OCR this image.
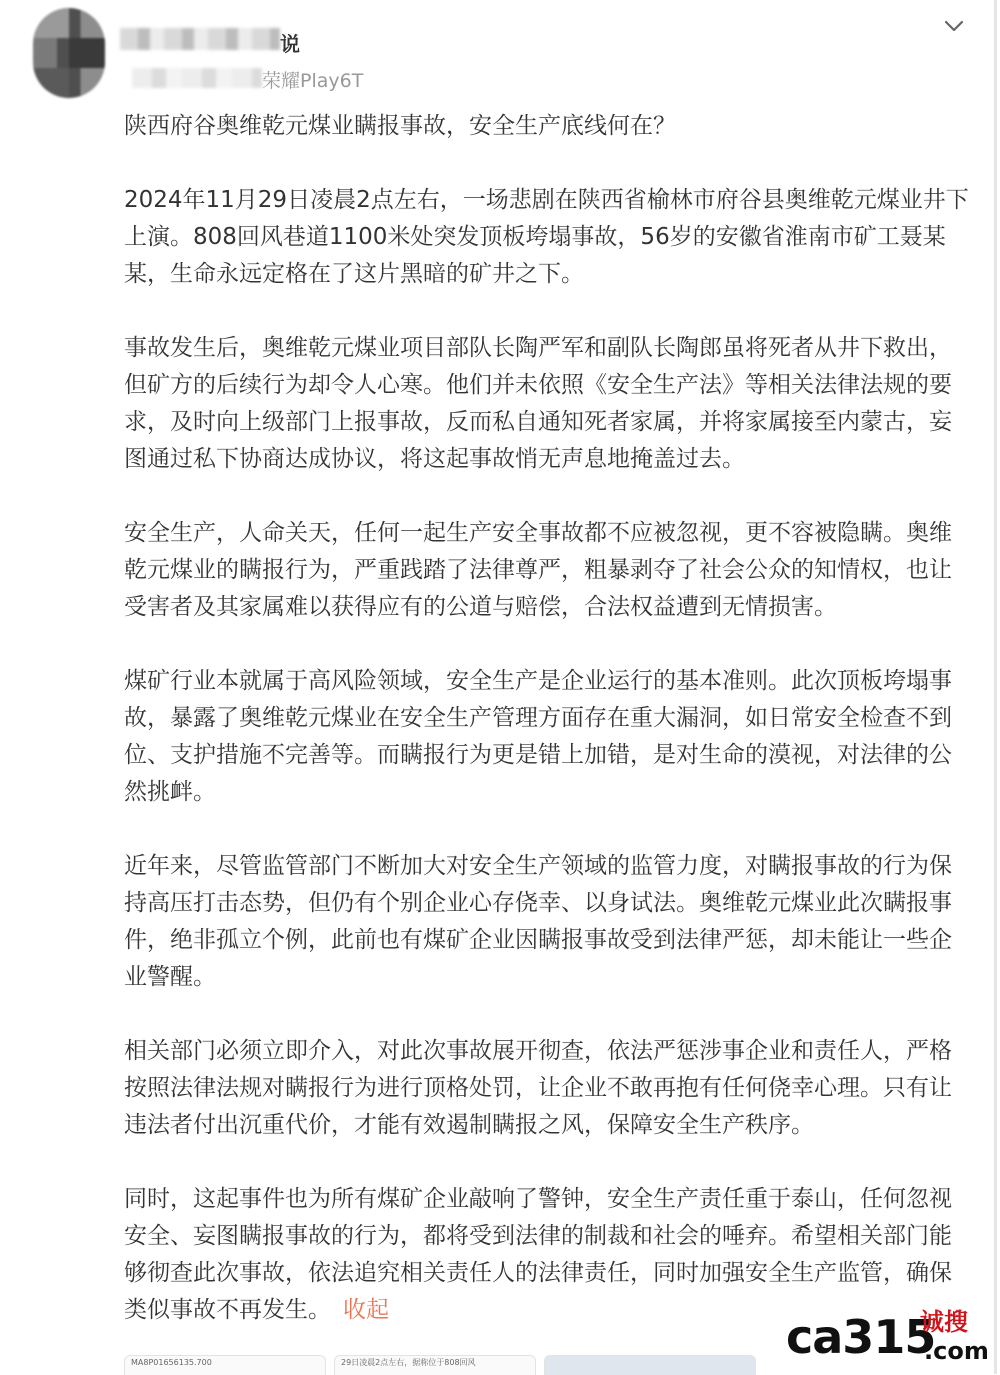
说
荣耀Play6T

陕西府谷奥维乾元煤业瞒报事故，安全生产底线何在？

2024年11月29日凌晨2点左右，一场悲剧在陕西省榆林市府谷县奥维乾元煤业井下上演。808回风巷道1100米处突发顶板垮塌事故，56岁的安徽省淮南市矿工聂某某，生命永远定格在了这片黑暗的矿井之下。

事故发生后，奥维乾元煤业项目部队长陶严军和副队长陶郎虽将死者从井下救出，但矿方的后续行为却令人心寒。他们并未依照《安全生产法》等相关法律法规的要求，及时向上级部门上报事故，反而私自通知死者家属，并将家属接至内蒙古，妄图通过私下协商达成协议，将这起事故悄无声息地掩盖过去。

安全生产，人命关天，任何一起生产安全事故都不应被忽视，更不容被隐瞒。奥维乾元煤业的瞒报行为，严重践踏了法律尊严，粗暴剥夺了社会公众的知情权，也让受害者及其家属难以获得应有的公道与赔偿，合法权益遭到无情损害。

煤矿行业本就属于高风险领域，安全生产是企业运行的基本准则。此次顶板垮塌事故，暴露了奥维乾元煤业在安全生产管理方面存在重大漏洞，如日常安全检查不到位、支护措施不完善等。而瞒报行为更是错上加错，是对生命的漠视，对法律的公然挑衅。

近年来，尽管监管部门不断加大对安全生产领域的监管力度，对瞒报事故的行为保持高压打击态势，但仍有个别企业心存侥幸、以身试法。奥维乾元煤业此次瞒报事件，绝非孤立个例，此前也有煤矿企业因瞒报事故受到法律严惩，却未能让一些企业警醒。

相关部门必须立即介入，对此次事故展开彻查，依法严惩涉事企业和责任人，严格按照法律法规对瞒报行为进行顶格处罚，让企业不敢再抱有任何侥幸心理。只有让违法者付出沉重代价，才能有效遏制瞒报之风，保障安全生产秩序。

同时，这起事件也为所有煤矿企业敲响了警钟，安全生产责任重于泰山，任何忽视安全、妄图瞒报事故的行为，都将受到法律的制裁和社会的唾弃。希望相关部门能够彻查此次事故，依法追究相关责任人的法律责任，同时加强安全生产监管，确保类似事故不再发生。 收起

MA8P01656135.700	29日凌晨2点左右，据称位于808回风	ca315
诚搜
.com
